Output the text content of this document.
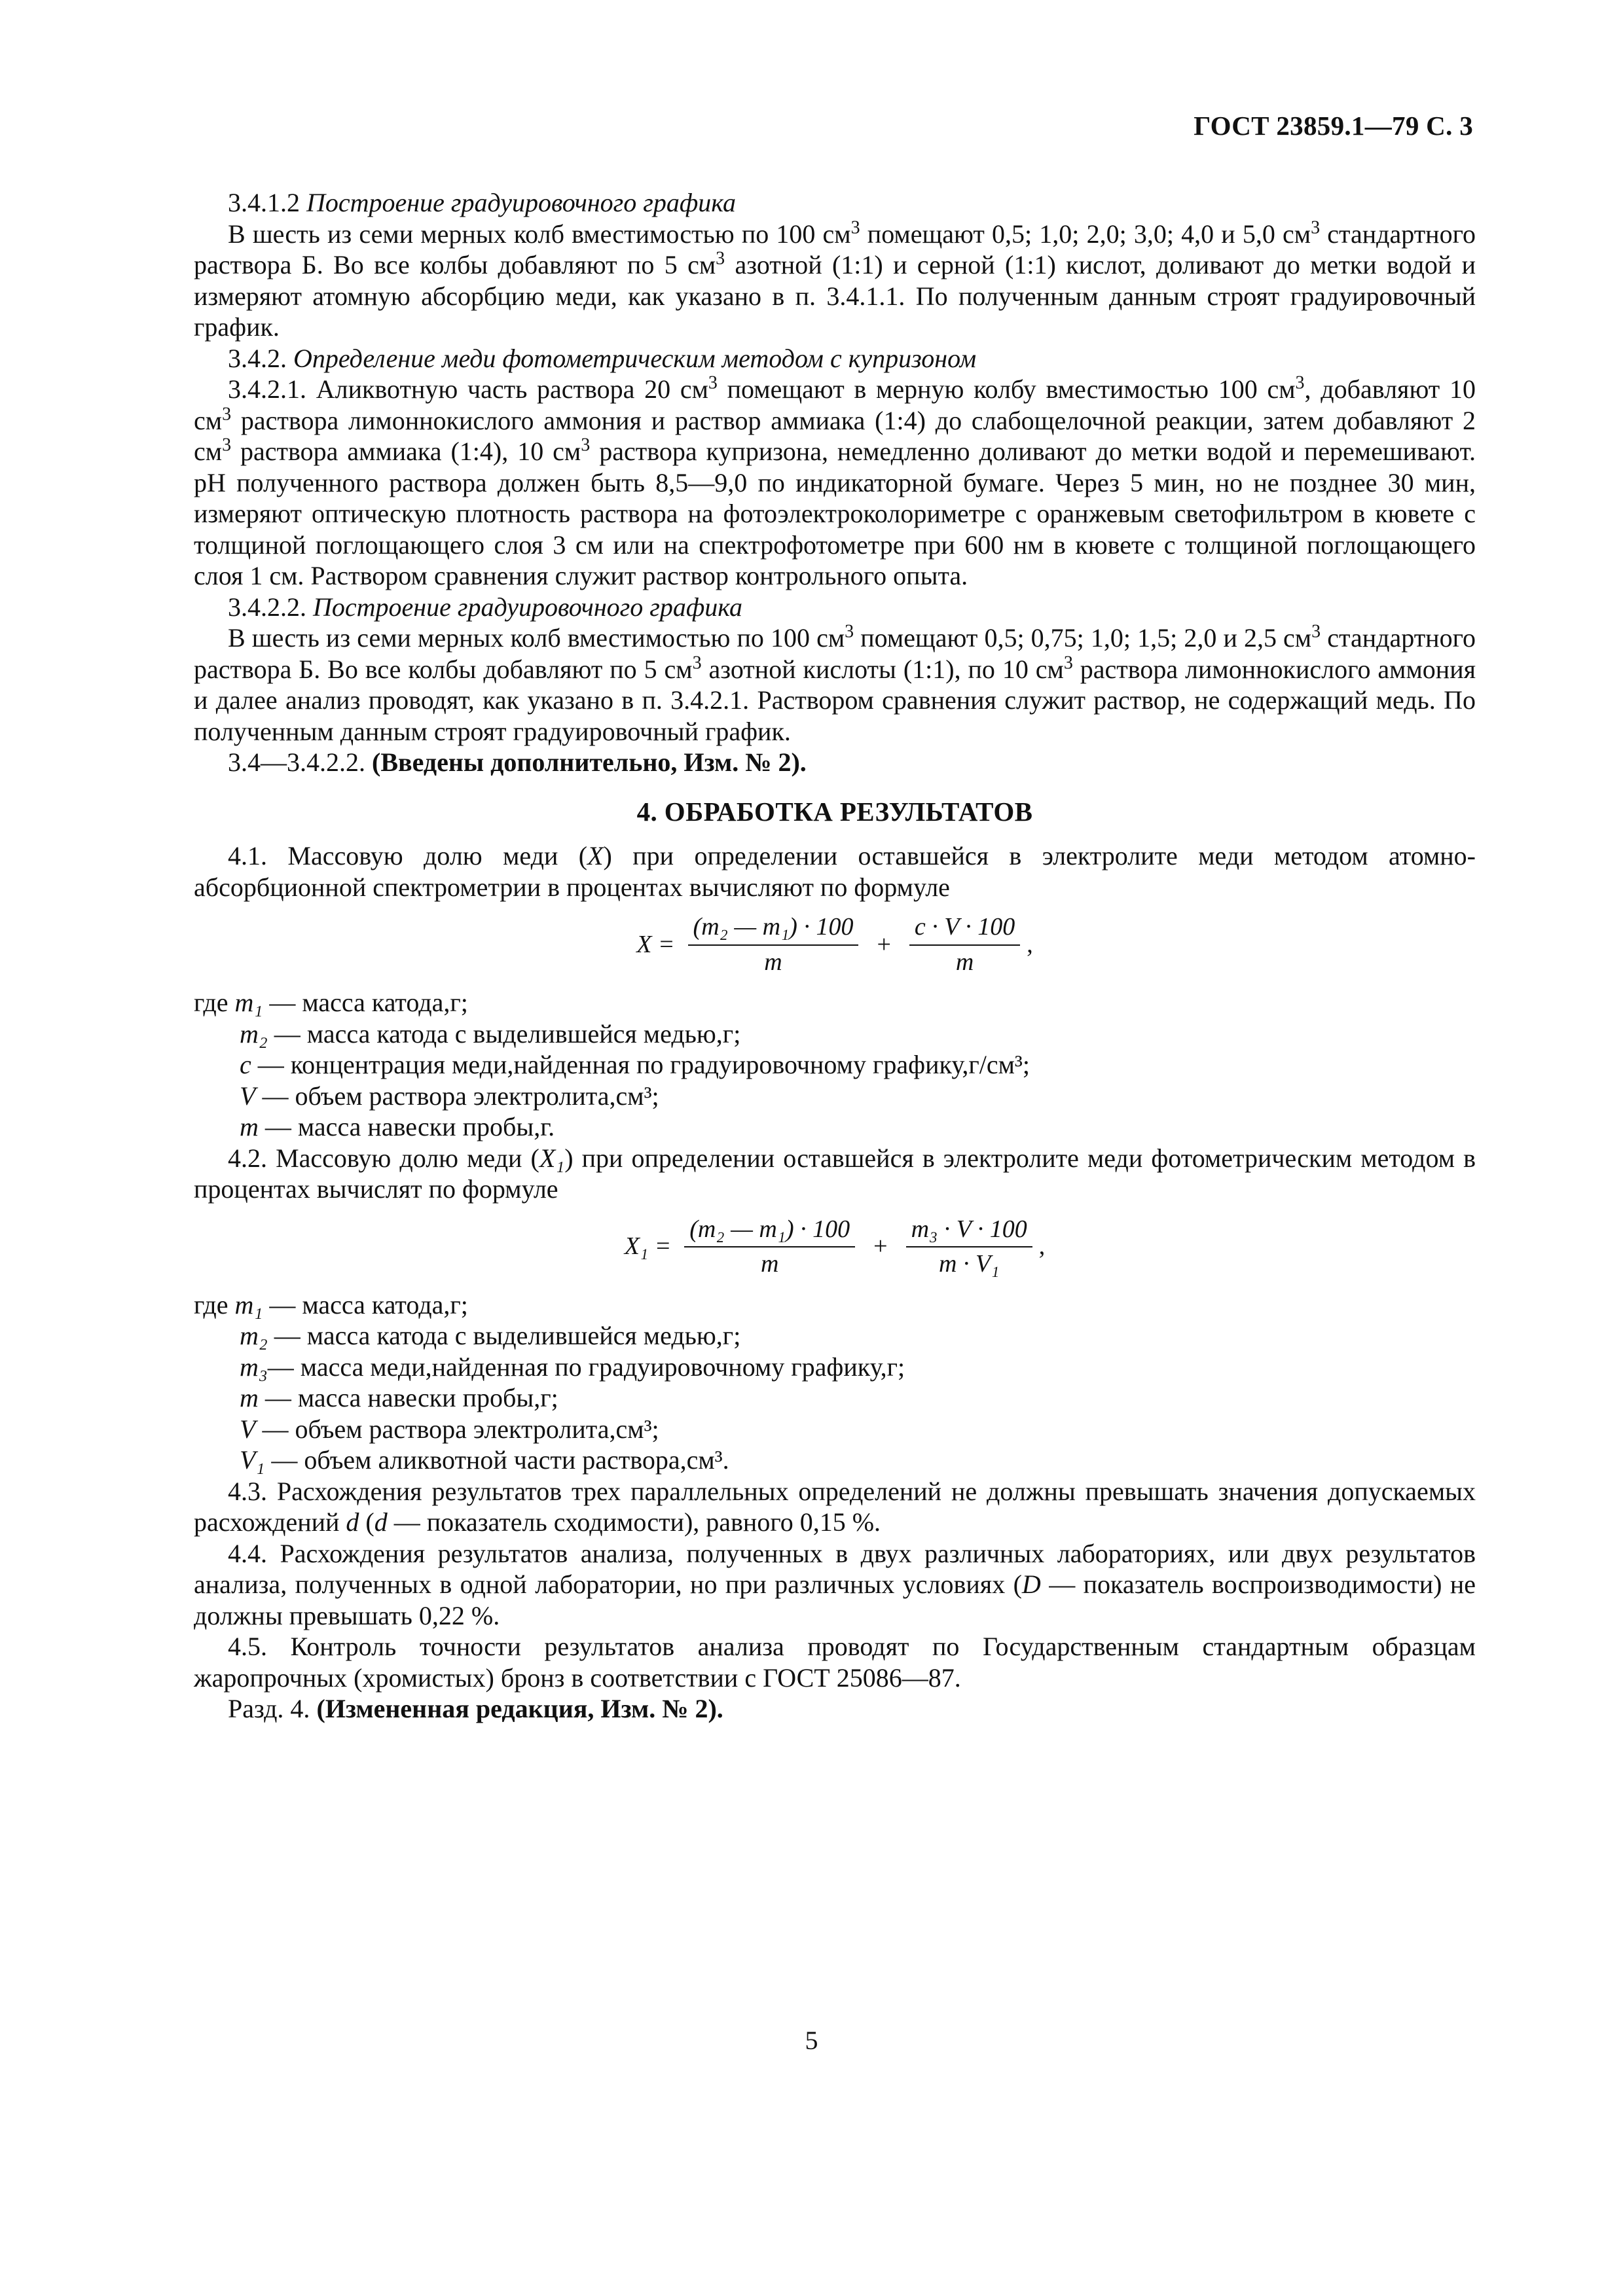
ГОСТ 23859.1—79 С. 3

3.4.1.2 Построение градуировочного графика

В шесть из семи мерных колб вместимостью по 100 $см^3$ помещают 0,5; 1,0; 2,0; 3,0; 4,0 и 5,0 $см^3$ стандартного раствора Б. Во все колбы добавляют по 5 $см^3$ азотной (1:1) и серной (1:1) кислот, доливают до метки водой и измеряют атомную абсорбцию меди, как указано в п. 3.4.1.1. По полученным данным строят градуировочный график.

3.4.2. Определение меди фотометрическим методом с купризоном

3.4.2.1. Аликвотную часть раствора 20 $см^3$ помещают в мерную колбу вместимостью 100 $см^3$, добавляют 10 $см^3$ раствора лимоннокислого аммония и раствор аммиака (1:4) до слабощелочной реакции, затем добавляют 2 $см^3$ раствора аммиака (1:4), 10 $см^3$ раствора купризона, немедленно доливают до метки водой и перемешивают. pH полученного раствора должен быть 8,5—9,0 по индикаторной бумаге. Через 5 мин, но не позднее 30 мин, измеряют оптическую плотность раствора на фотоэлектроколориметре с оранжевым светофильтром в кювете с толщиной поглощающего слоя 3 см или на спектрофотометре при 600 нм в кювете с толщиной поглощающего слоя 1 см. Раствором сравнения служит раствор контрольного опыта.

3.4.2.2. Построение градуировочного графика

В шесть из семи мерных колб вместимостью по 100 $см^3$ помещают 0,5; 0,75; 1,0; 1,5; 2,0 и 2,5 $см^3$ стандартного раствора Б. Во все колбы добавляют по 5 $см^3$ азотной кислоты (1:1), по 10 $см^3$ раствора лимоннокислого аммония и далее анализ проводят, как указано в п. 3.4.2.1. Раствором сравнения служит раствор, не содержащий медь. По полученным данным строят градуировочный график.

3.4—3.4.2.2. (Введены дополнительно, Изм. № 2).

4. ОБРАБОТКА РЕЗУЛЬТАТОВ

4.1. Массовую долю меди (X) при определении оставшейся в электролите меди методом атомно-абсорбционной спектрометрии в процентах вычисляют по формуле

$X = \frac{\text{(m₂ — m₁) · 100}}{m} + \frac{c \cdot V \cdot 100}{m}$ ,
где m₁ — масса катода,г;
m₂ — масса катода с выделившейся медью,г;
c — концентрация меди,найденная по градуировочному графику,г/см³;
V — объем раствора электролита,см³;
m — масса навески пробы,г.

4.2. Массовую долю меди (X₁) при определении оставшейся в электролите меди фотометрическим методом в процентах вычислят по формуле

$X_1 = \frac{\text{(m₂ — m₁) · 100}}{m} + \frac{\text{m₃ · V · 100}}{\text{m · V₁}}$ ,
где m₁ — масса катода,г;
m₂ — масса катода с выделившейся медью,г;
m₃— масса меди,найденная по градуировочному графику,г;
m — масса навески пробы,г;
V — объем раствора электролита,см³;
V₁ — объем аликвотной части раствора,см³.

4.3. Расхождения результатов трех параллельных определений не должны превышать значения допускаемых расхождений d (d — показатель сходимости), равного 0,15 %.

4.4. Расхождения результатов анализа, полученных в двух различных лабораториях, или двух результатов анализа, полученных в одной лаборатории, но при различных условиях (D — показатель воспроизводимости) не должны превышать 0,22 %.

4.5. Контроль точности результатов анализа проводят по Государственным стандартным образцам жаропрочных (хромистых) бронз в соответствии с ГОСТ 25086—87.

Разд. 4. (Измененная редакция, Изм. № 2).

5
